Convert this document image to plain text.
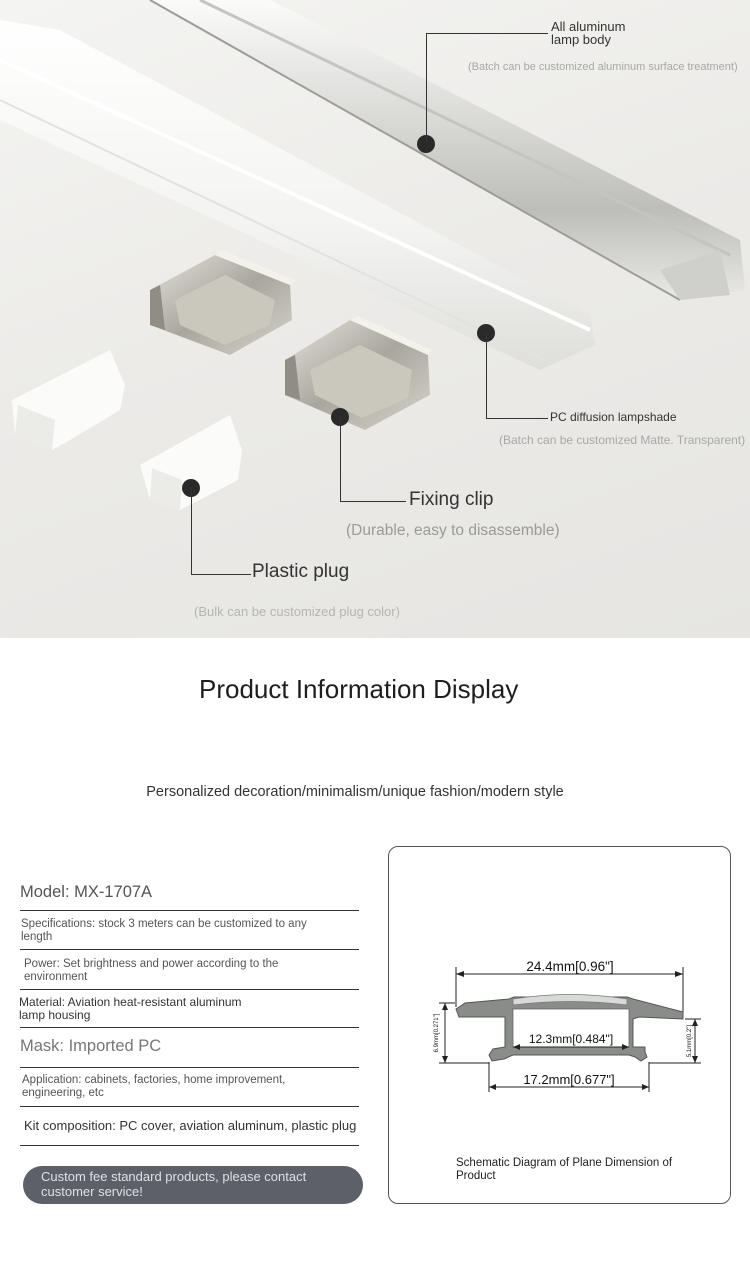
All aluminum lamp body
(Batch can be customized aluminum surface treatment)
PC diffusion lampshade
(Batch can be customized Matte. Transparent)
Fixing clip
(Durable, easy to disassemble)
Plastic plug
(Bulk can be customized plug color)
Product Information Display
Personalized decoration/minimalism/unique fashion/modern style
Model: MX-1707A
Specifications: stock 3 meters can be customized to any length
Power: Set brightness and power according to the environment
Material: Aviation heat-resistant aluminum lamp housing
Mask: Imported PC
Application: cabinets, factories, home improvement, engineering, etc
Kit composition: PC cover, aviation aluminum, plastic plug
Custom fee standard products, please contact customer service!
24.4mm[0.96"]
12.3mm[0.484"]
17.2mm[0.677"]
6.9mm[0.271"]	5.1mm[0.2"]
Schematic Diagram of Plane Dimension of Product
